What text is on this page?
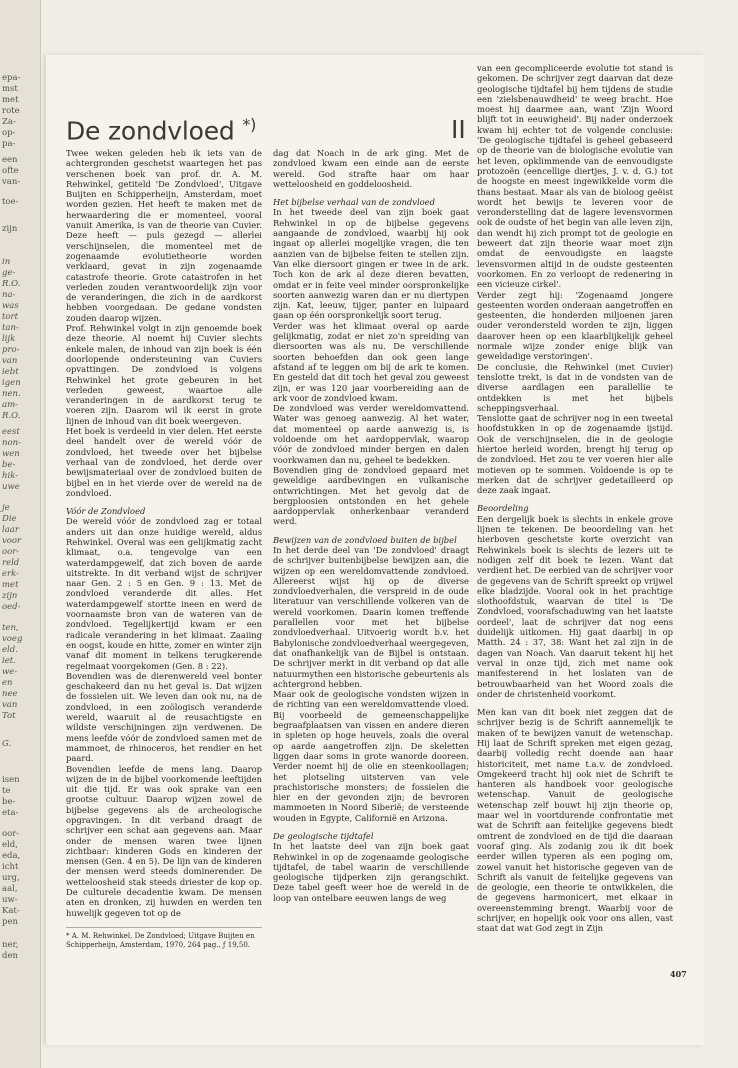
epa-
mst
met
rote
Za-
op-
pa-
een
ofte
van-
toe-
zijn
in
ge-
R.O.
na-
was
tort
tan-
lijk
pro-
van
iebt
igen
nen.
am-
R.O.
eest
non-
wen
be-
hik-
uwe
je
Die
laar
voor
oor-
reld
erk-
met
zijn
oed-
ten,
voeg
eld.
iet.
we-
en
nee
van
Tot
G.
isen
te
be-
eta-
oor-
eld,
eda,
icht
urg,
aal,
uw-
Kat-
pen
ner,
den
De zondvloed *)	II

Twee weken geleden heb ik iets van de achtergronden geschetst waartegen het pas verschenen boek van prof. dr. A. M. Rehwinkel, getiteld 'De Zondvloed', Uitgave Buijten en Schipperheijn, Amsterdam, moet worden gezien. Het heeft te maken met de herwaardering die er momenteel, vooral vanuit Amerika, is van de theorie van Cuvier. Deze heeft — puls gezegd — allerlei verschijnselen, die momenteel met de zogenaamde evolutietheorie worden verklaard, gevat in zijn zogenaamde catastrofe theorie. Grote catastrofen in het verleden zouden verantwoordelijk zijn voor de veranderingen, die zich in de aardkorst hebben voorgedaan. De gedane vondsten zouden daarop wijzen.

Prof. Rehwinkel volgt in zijn genoemde boek deze theorie. Al noemt hij Cuvier slechts enkele malen, de inhoud van zijn boek is één doorlopende ondersteuning van Cuviers opvattingen. De zondvloed is volgens Rehwinkel het grote gebeuren in het verleden geweest, waartoe alle veranderingen in de aardkorst terug te voeren zijn. Daarom wil ik eerst in grote lijnen de inhoud van dit boek weergeven.

Het boek is verdeeld in vier delen. Het eerste deel handelt over de wereld vóór de zondvloed, het tweede over het bijbelse verhaal van de zondvloed, het derde over bewijsmateriaal over de zondvloed buiten de bijbel en in het vierde over de wereld na de zondvloed.

Vóór de Zondvloed

De wereld vóór de zondvloed zag er totaal anders uit dan onze huidige wereld, aldus Rehwinkel. Overal was een gelijkmatig zacht klimaat, o.a. tengevolge van een waterdampgewelf, dat zich boven de aarde uitstrekte. In dit verband wijst de schrijver naar Gen. 2 : 5 en Gen. 9 : 13. Met de zondvloed veranderde dit alles. Het waterdampgewelf stortte ineen en werd de voornaamste bron van de wateren van de zondvloed. Tegelijkertijd kwam er een radicale verandering in het klimaat. Zaaiing en oogst, koude en hitte, zomer en winter zijn vanaf dit moment in telkens terugkerende regelmaat voorgekomen (Gen. 8 : 22).

Bovendien was de dierenwereld veel bonter geschakeerd dan nu het geval is. Dat wijzen de fossielen uit. We leven dan ook nu, na de zondvloed, in een zoölogisch veranderde wereld, waaruit al de reusachtigste en wildste verschijningen zijn verdwenen. De mens leefde vóór de zondvloed samen met de mammoet, de rhinoceros, het rendier en het paard.

Bovendien leefde de mens lang. Daarop wijzen de in de bijbel voorkomende leeftijden uit die tijd. Er was ook sprake van een grootse cultuur. Daarop wijzen zowel de bijbelse gegevens als de archeologische opgravingen. In dit verband draagt de schrijver een schat aan gegevens aan. Maar onder de mensen waren twee lijnen zichtbaar: kinderen Gods en kinderen der mensen (Gen. 4 en 5). De lijn van de kinderen der mensen werd steeds dominerender. De wetteloosheid stak steeds driester de kop op. De culturele decadentie kwam. De mensen aten en dronken, zij huwden en werden ten huwelijk gegeven tot op de

dag dat Noach in de ark ging. Met de zondvloed kwam een einde aan de eerste wereld. God strafte haar om haar wetteloosheid en goddeloosheid.

Het bijbelse verhaal van de zondvloed

In het tweede deel van zijn boek gaat Rehwinkel in op de bijbelse gegevens aangaande de zondvloed, waarbij hij ook ingaat op allerlei mogelijke vragen, die ten aanzien van de bijbelse feiten te stellen zijn. Van elke diersoort gingen er twee in de ark. Toch kon de ark al deze dieren bevatten, omdat er in feite veel minder oorspronkelijke soorten aanwezig waren dan er nu diertypen zijn. Kat, leeuw, tijger, panter en luipaard gaan op één oorspronkelijk soort terug.

Verder was het klimaat overal op aarde gelijkmatig, zodat er niet zo'n spreiding van diersoorten was als nu. De verschillende soorten behoefden dan ook geen lange afstand af te leggen om bij de ark te komen. En gesteld dat dit toch het geval zou geweest zijn, er was 120 jaar voorbereiding aan de ark voor de zondvloed kwam.

De zondvloed was verder wereldomvattend. Water was genoeg aanwezig. Al het water, dat momenteel op aarde aanwezig is, is voldoende om het aardoppervlak, waarop vóór de zondvloed minder bergen en dalen voorkwamen dan nu, geheel te bedekken.

Bovendien ging de zondvloed gepaard met geweldige aardbevingen en vulkanische ontwrichtingen. Met het gevolg dat de bergploosien ontstonden en het gehele aardoppervlak onherkenbaar veranderd werd.

Bewijzen van de zondvloed buiten de bijbel

In het derde deel van 'De zondvloed' draagt de schrijver buitenbijbelse bewijzen aan, die wijzen op een wereldomvattende zondvloed. Allereerst wijst hij op de diverse zondvloedverhalen, die verspreid in de oude literatuur van verschillende volkeren van de wereld voorkomen. Daarin komen treffende parallellen voor met het bijbelse zondvloedverhaal. Uitvoerig wordt b.v. het Babylonische zondvloedverhaal weergegeven, dat onafhankelijk van de Bijbel is ontstaan. De schrijver merkt in dit verband op dat alle natuurmythen een historische gebeurtenis als achtergrond hebben.

Maar ook de geologische vondsten wijzen in de richting van een wereldomvattende vloed. Bij voorbeeld de gemeenschappelijke begraafplaatsen van vissen en andere dieren in spleten op hoge heuvels, zoals die overal op aarde aangetroffen zijn. De skeletten liggen daar soms in grote wanorde dooreen. Verder noemt hij de olie en steenkoollagen; het plotseling uitsterven van vele prachistorische monsters; de fossielen die hier en der gevonden zijn; de bevroren mammoeten in Noord Siberië; de versteende wouden in Egypte, Californië en Arizona.

De geologische tijdtafel

In het laatste deel van zijn boek gaat Rehwinkel in op de zogenaamde geologische tijdtafel, de tabel waarin de verschillende geologische tijdperken zijn gerangschikt. Deze tabel geeft weer hoe de wereld in de loop van ontelbare eeuwen langs de weg

van een gecompliceerde evolutie tot stand is gekomen. De schrijver zegt daarvan dat deze geologische tijdtafel bij hem tijdens de studie een 'zielsbenauwdheid' te weeg bracht. Hoe moest hij daarmee aan, want 'Zijn Woord blijft tot in eeuwigheid'. Bij nader onderzoek kwam hij echter tot de volgende conclusie: 'De geologische tijdtafel is geheel gebaseerd op de theorie van de biologische evolutie van het leven, opklimmende van de eenvoudigste protozoën (eencellige diertjes, J. v. d. G.) tot de hoogste en meest ingewikkelde vorm die thans bestaat. Maar als van de bioloog geëist wordt het bewijs te leveren voor de veronderstelling dat de lagere levensvormen ook de oudste of het begin van alle leven zijn, dan wendt hij zich prompt tot de geologie en beweert dat zijn theorie waar moet zijn omdat de eenvoudigste en laagste levensvormen altijd in de oudste gesteenten voorkomen. En zo verloopt de redenering in een vicieuze cirkel'.

Verder zegt hij: 'Zogenaamd jongere gesteenten worden onderaan aangetroffen en gesteenten, die honderden miljoenen jaren ouder verondersteld worden te zijn, liggen daarover heen op een klaarblijkelijk geheel normale wijze zonder enige blijk van geweldadige verstoringen'.

De conclusie, die Rehwinkel (met Cuvier) tenslotte trekt, is dat in de vondsten van de diverse aardlagen een parallellie te ontdekken is met het bijbels scheppingsverhaal.

Tenslotte gaat de schrijver nog in een tweetal hoofdstukken in op de zogenaamde ijstijd. Ook de verschijnselen, die in de geologie hiertoe herleid worden, brengt hij terug op de zondvloed. Het zou te ver voeren hier alle motieven op te sommen. Voldoende is op te merken dat de schrijver gedetailleerd op deze zaak ingaat.

Beoordeling

Een dergelijk boek is slechts in enkele grove lijnen te tekenen. De beoordeling van het hierboven geschetste korte overzicht van Rehwinkels boek is slechts de lezers uit te nodigen zelf dit boek te lezen. Want dat verdient het. De eerbied van de schrijver voor de gegevens van de Schrift spreekt op vrijwel elke bladzijde. Vooral ook in het prachtige slothoofdstuk, waarvan de titel is 'De Zondvloed, voorafschaduwing van het laatste oordeel', laat de schrijver dat nog eens duidelijk uitkomen. Hij gaat daarbij in op Matth. 24 : 37, 38: Want het zal zijn in de dagen van Noach. Van daaruit tekent hij het verval in onze tijd, zich met name ook manifesterend in het loslaten van de betrouwbaarheid van het Woord zoals die onder de christenheid voorkomt.

Men kan van dit boek niet zeggen dat de schrijver bezig is de Schrift aannemelijk te maken of te bewijzen vanuit de wetenschap. Hij laat de Schrift spreken met eigen gezag, daarbij volledig recht doende aan haar historiciteit, met name t.a.v. de zondvloed. Omgekeerd tracht hij ook niet de Schrift te hanteren als handboek voor geologische wetenschap. Vanuit de geologische wetenschap zelf bouwt hij zijn theorie op, maar wel in voortdurende confrontatie met wat de Schrift aan feitelijke gegevens biedt omtrent de zondvloed en de tijd die daaraan vooraf ging. Als zodanig zou ik dit boek eerder willen typeren als een poging om, zowel vanuit het historische gegeven van de Schrift als vanuit de feitelijke gegevens van de geologie, een theorie te ontwikkelen, die de gegevens harmonicert, met elkaar in overeenstemming brengt. Waarbij voor de schrijver, en hopelijk ook voor ons allen, vast staat dat wat God zegt in Zijn

* A. M. Rehwinkel, De Zondvloed; Uitgave Buijten en Schipperheijn, Amsterdam, 1970, 264 pag., ƒ 19,50.
407
